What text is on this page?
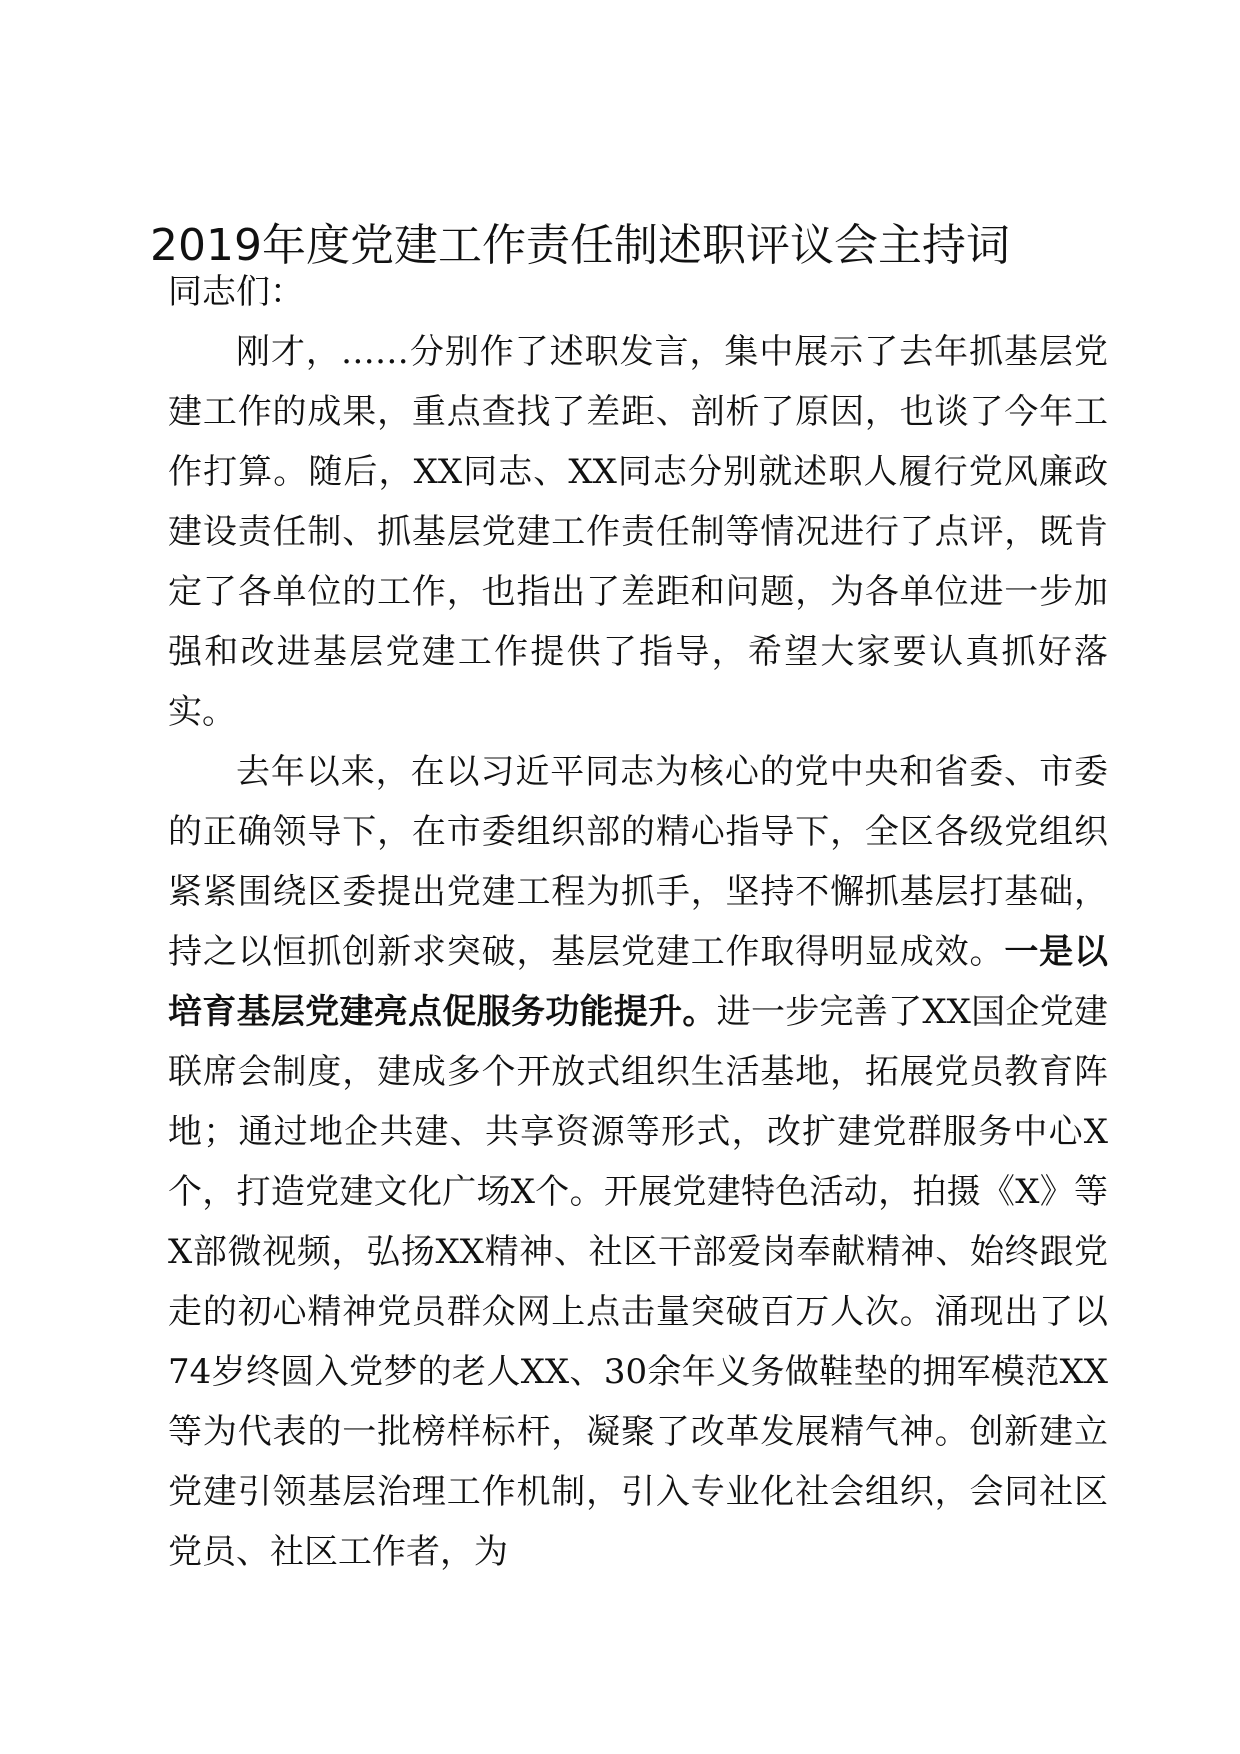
2019年度党建工作责任制述职评议会主持词

同志们：

刚才，……分别作了述职发言，集中展示了去年抓基层党建工作的成果，重点查找了差距、剖析了原因，也谈了今年工作打算。随后，XX同志、XX同志分别就述职人履行党风廉政建设责任制、抓基层党建工作责任制等情况进行了点评，既肯定了各单位的工作，也指出了差距和问题，为各单位进一步加强和改进基层党建工作提供了指导，希望大家要认真抓好落实。

去年以来，在以习近平同志为核心的党中央和省委、市委的正确领导下，在市委组织部的精心指导下，全区各级党组织紧紧围绕区委提出党建工程为抓手，坚持不懈抓基层打基础，持之以恒抓创新求突破，基层党建工作取得明显成效。一是以培育基层党建亮点促服务功能提升。进一步完善了XX国企党建联席会制度，建成多个开放式组织生活基地，拓展党员教育阵地；通过地企共建、共享资源等形式，改扩建党群服务中心X个，打造党建文化广场X个。开展党建特色活动，拍摄《X》等X部微视频，弘扬XX精神、社区干部爱岗奉献精神、始终跟党走的初心精神党员群众网上点击量突破百万人次。涌现出了以74岁终圆入党梦的老人XX、30余年义务做鞋垫的拥军模范XX等为代表的一批榜样标杆，凝聚了改革发展精气神。创新建立党建引领基层治理工作机制，引入专业化社会组织，会同社区党员、社区工作者，为
